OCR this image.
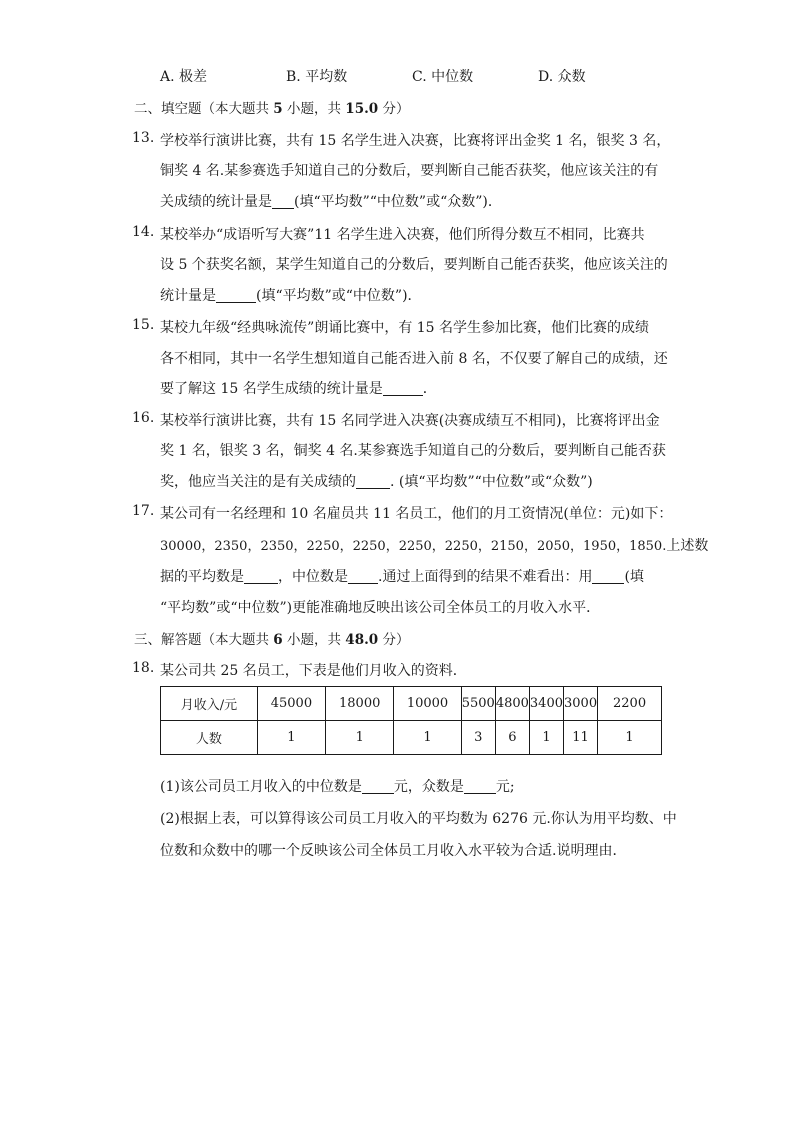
A. 极差	B. 平均数	C. 中位数	D. 众数
二、填空题（本大题共 5 小题，共 15.0 分）
13. 学校举行演讲比赛，共有 15 名学生进入决赛，比赛将评出金奖 1 名，银奖 3 名，
铜奖 4 名.某参赛选手知道自己的分数后，要判断自己能否获奖，他应该关注的有
关成绩的统计量是 (填“平均数”“中位数”或“众数”)．
14. 某校举办“成语听写大赛”11 名学生进入决赛，他们所得分数互不相同，比赛共
设 5 个获奖名额，某学生知道自己的分数后，要判断自己能否获奖，他应该关注的
统计量是	(填“平均数”或“中位数”)．
15. 某校九年级“经典咏流传”朗诵比赛中，有 15 名学生参加比赛，他们比赛的成绩
各不相同，其中一名学生想知道自己能否进入前 8 名，不仅要了解自己的成绩，还
要了解这 15 名学生成绩的统计量是	．
16. 某校举行演讲比赛，共有 15 名同学进入决赛(决赛成绩互不相同)，比赛将评出金
奖 1 名，银奖 3 名，铜奖 4 名.某参赛选手知道自己的分数后，要判断自己能否获
奖，他应当关注的是有关成绩的 . (填“平均数”“中位数”或“众数”)
17. 某公司有一名经理和 10 名雇员共 11 名员工，他们的月工资情况(单位：元)如下：
30000，2350，2350，2250，2250，2250，2250，2150，2050，1950，1850.上述数
据的平均数是 ，中位数是 .通过上面得到的结果不难看出：用 (填
“平均数”或“中位数”)更能准确地反映出该公司全体员工的月收入水平．
三、解答题（本大题共 6 小题，共 48.0 分）
18. 某公司共 25 名员工，下表是他们月收入的资料．
月收入/元	45000	18000	10000	5500	4800	3400	3000	2200
人数	1	1	1	3	6	1	11	1
(1)该公司员工月收入的中位数是 元，众数是 元;
(2)根据上表，可以算得该公司员工月收入的平均数为 6276 元.你认为用平均数、中
位数和众数中的哪一个反映该公司全体员工月收入水平较为合适.说明理由．
